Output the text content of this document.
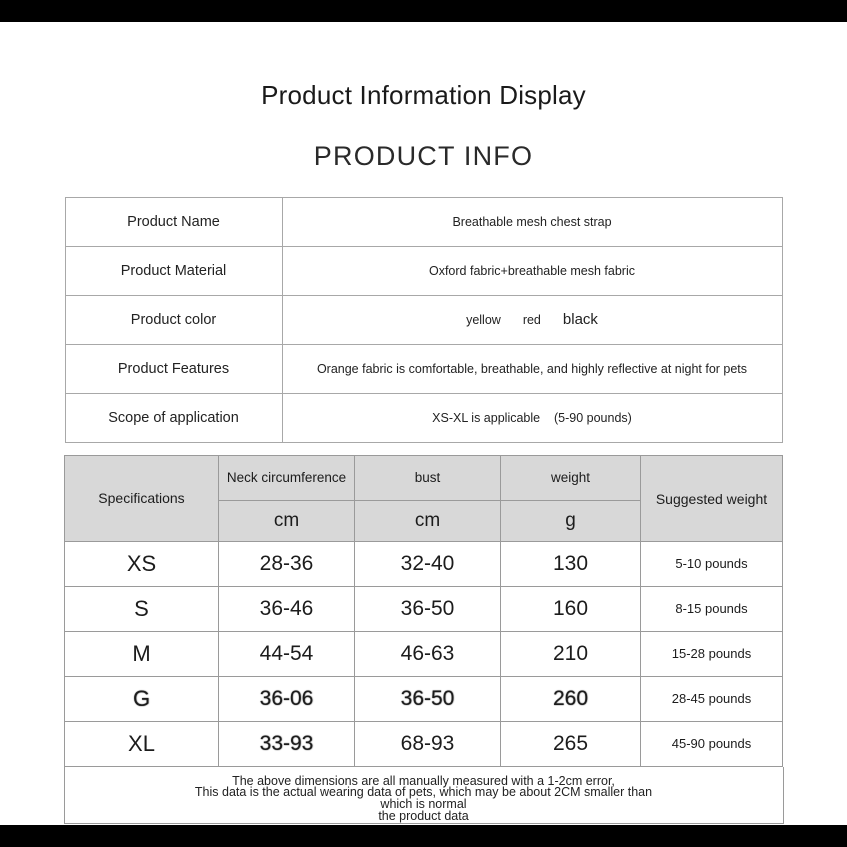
Product Information Display
PRODUCT INFO
Product Name	Breathable mesh chest strap
Product Material	Oxford fabric+breathable mesh fabric
Product color	yellow red black
Product Features	Orange fabric is comfortable, breathable, and highly reflective at night for pets

Scope of application	XS-XL is applicable    (5-90 pounds)
Specifications	Neck circumference	bust	weight	Suggested weight
	cm	cm	g	
XS	28-36	32-40	130	5-10 pounds
S	36-46	36-50	160	8-15 pounds
M	44-54	46-63	210	15-28 pounds
G	36-06	36-50	260	28-45 pounds
XL	33-93	68-93	265	45-90 pounds
The above dimensions are all manually measured with a 1-2cm error,
This data is the actual wearing data of pets, which may be about 2CM smaller than
which is normal
the product data
